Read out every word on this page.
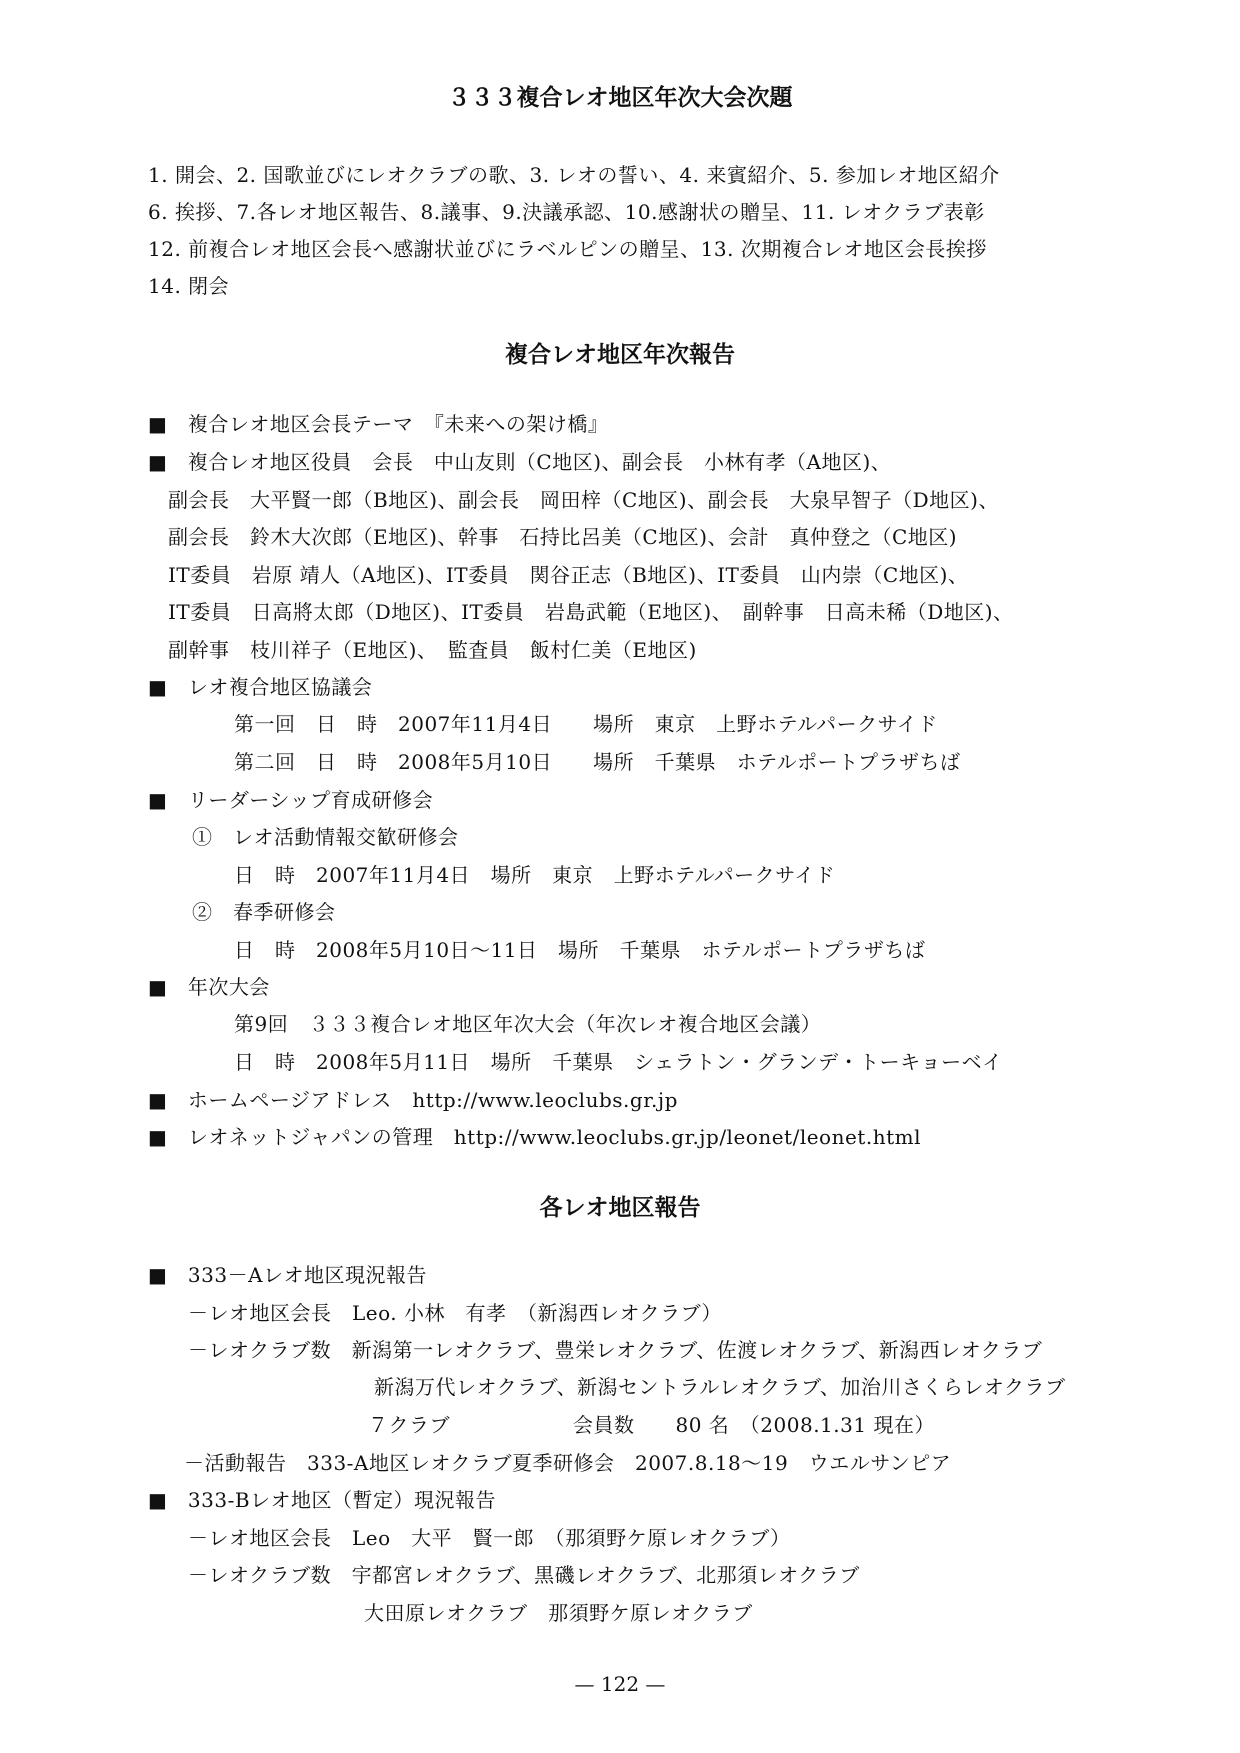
３３３複合レオ地区年次大会次題
1. 開会、2. 国歌並びにレオクラブの歌、3. レオの誓い、4. 来賓紹介、5. 参加レオ地区紹介
6. 挨拶、7.各レオ地区報告、8.議事、9.決議承認、10.感謝状の贈呈、11. レオクラブ表彰
12. 前複合レオ地区会長へ感謝状並びにラベルピンの贈呈、13. 次期複合レオ地区会長挨拶
14. 閉会
複合レオ地区年次報告
■　複合レオ地区会長テーマ　『未来への架け橋』
■　複合レオ地区役員　会長　中山友則（C地区)、副会長　小林有孝（A地区)、
副会長　大平賢一郎（B地区)、副会長　岡田梓（C地区)、副会長　大泉早智子（D地区)、
副会長　鈴木大次郎（E地区)、幹事　石持比呂美（C地区)、会計　真仲登之（C地区)
IT委員　岩原 靖人（A地区)、IT委員　関谷正志（B地区)、IT委員　山内崇（C地区)、
IT委員　日高將太郎（D地区)、IT委員　岩島武範（E地区)、　副幹事　日高未稀（D地区)、
副幹事　枝川祥子（E地区)、　監査員　飯村仁美（E地区)
■　レオ複合地区協議会
第一回　日　時　2007年11月4日　　場所　東京　上野ホテルパークサイド
第二回　日　時　2008年5月10日　　場所　千葉県　ホテルポートプラザちば
■　リーダーシップ育成研修会
①　レオ活動情報交歓研修会
日　時　2007年11月4日　場所　東京　上野ホテルパークサイド
②　春季研修会
日　時　2008年5月10日～11日　場所　千葉県　ホテルポートプラザちば
■　年次大会
第9回　３３３複合レオ地区年次大会（年次レオ複合地区会議）
日　時　2008年5月11日　場所　千葉県　シェラトン・グランデ・トーキョーベイ
■　ホームページアドレス　http://www.leoclubs.gr.jp
■　レオネットジャパンの管理　http://www.leoclubs.gr.jp/leonet/leonet.html
各レオ地区報告
■　333－Aレオ地区現況報告
－レオ地区会長　Leo. 小林　有孝　（新潟西レオクラブ）
－レオクラブ数　新潟第一レオクラブ、豊栄レオクラブ、佐渡レオクラブ、新潟西レオクラブ
新潟万代レオクラブ、新潟セントラルレオクラブ、加治川さくらレオクラブ
７クラブ　　　　　　会員数　　80 名　（2008.1.31 現在）
－活動報告　333-A地区レオクラブ夏季研修会　2007.8.18～19　ウエルサンピア
■　333-Bレオ地区（暫定）現況報告
－レオ地区会長　Leo　大平　賢一郎　（那須野ケ原レオクラブ）
－レオクラブ数　宇都宮レオクラブ、黒磯レオクラブ、北那須レオクラブ
大田原レオクラブ　那須野ケ原レオクラブ
— 122 —
